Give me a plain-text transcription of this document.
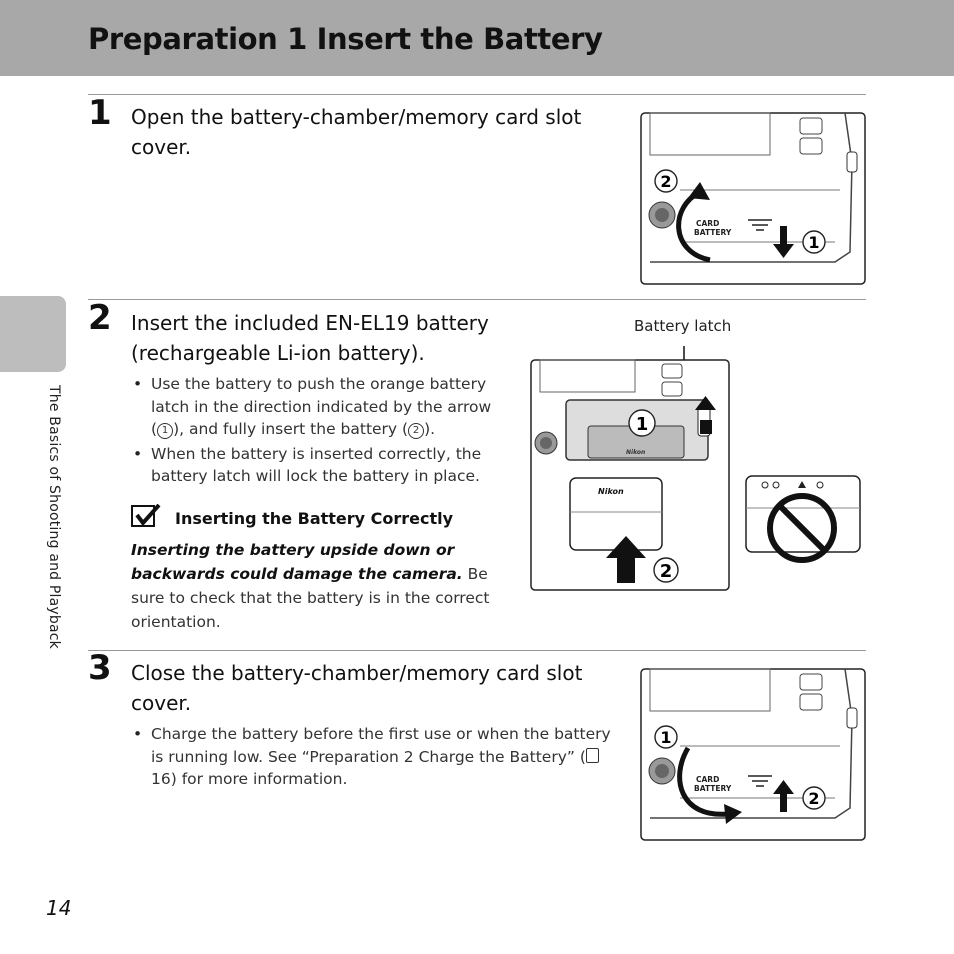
Preparation 1 Insert the Battery
The Basics of Shooting and Playback
1 Open the battery-chamber/memory card slot cover.
CARD
BATTERY
2
1
2 Insert the included EN-EL19 battery (rechargeable Li-ion battery).
• Use the battery to push the orange battery latch in the direction indicated by the arrow ( 1 ), and fully insert the battery ( 2 ).
• When the battery is inserted correctly, the battery latch will lock the battery in place.
Inserting the Battery Correctly
Inserting the battery upside down or backwards could damage the camera. Be sure to check that the battery is in the correct orientation.
Battery latch
Nikon
1
Nikon
2
3 Close the battery-chamber/memory card slot cover.
• Charge the battery before the first use or when the battery is running low. See “Preparation 2 Charge the Battery” (16) for more information.	CARD
BATTERY
1
2
14
